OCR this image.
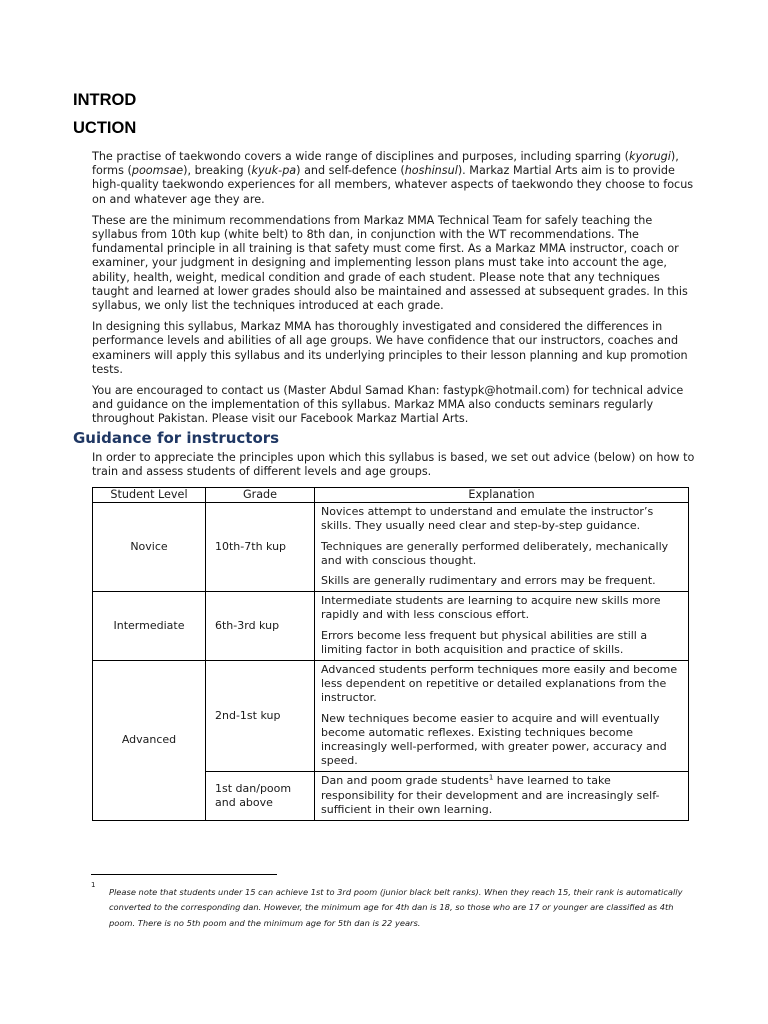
INTROD
UCTION

The practise of taekwondo covers a wide range of disciplines and purposes, including sparring (kyorugi), forms (poomsae), breaking (kyuk-pa) and self-defence (hoshinsul). Markaz Martial Arts aim is to provide high-quality taekwondo experiences for all members, whatever aspects of taekwondo they choose to focus on and whatever age they are.

These are the minimum recommendations from Markaz MMA Technical Team for safely teaching the syllabus from 10th kup (white belt) to 8th dan, in conjunction with the WT recommendations. The fundamental principle in all training is that safety must come first. As a Markaz MMA instructor, coach or examiner, your judgment in designing and implementing lesson plans must take into account the age, ability, health, weight, medical condition and grade of each student. Please note that any techniques taught and learned at lower grades should also be maintained and assessed at subsequent grades. In this syllabus, we only list the techniques introduced at each grade.

In designing this syllabus, Markaz MMA has thoroughly investigated and considered the differences in performance levels and abilities of all age groups. We have confidence that our instructors, coaches and examiners will apply this syllabus and its underlying principles to their lesson planning and kup promotion tests.

You are encouraged to contact us (Master Abdul Samad Khan: fastypk@hotmail.com) for technical advice and guidance on the implementation of this syllabus. Markaz MMA also conducts seminars regularly throughout Pakistan. Please visit our Facebook Markaz Martial Arts.

Guidance for instructors

In order to appreciate the principles upon which this syllabus is based, we set out advice (below) on how to train and assess students of different levels and age groups.

Student Level	Grade	Explanation
Novice	10th-7th kup	Novices attempt to understand and emulate the instructor’s skills. They usually need clear and step-by-step guidance.

Techniques are generally performed deliberately, mechanically and with conscious thought.

Skills are generally rudimentary and errors may be frequent.

Intermediate	6th-3rd kup	Intermediate students are learning to acquire new skills more rapidly and with less conscious effort.

Errors become less frequent but physical abilities are still a limiting factor in both acquisition and practice of skills.

Advanced	2nd-1st kup	Advanced students perform techniques more easily and become less dependent on repetitive or detailed explanations from the instructor.

New techniques become easier to acquire and will eventually become automatic reflexes. Existing techniques become increasingly well-performed, with greater power, accuracy and speed.

	1st dan/poom and above	Dan and poom grade students$^1$ have learned to take responsibility for their development and are increasingly self-sufficient in their own learning.

1

Please note that students under 15 can achieve 1st to 3rd poom (junior black belt ranks). When they reach 15, their rank is automatically converted to the corresponding dan. However, the minimum age for 4th dan is 18, so those who are 17 or younger are classified as 4th poom. There is no 5th poom and the minimum age for 5th dan is 22 years.
